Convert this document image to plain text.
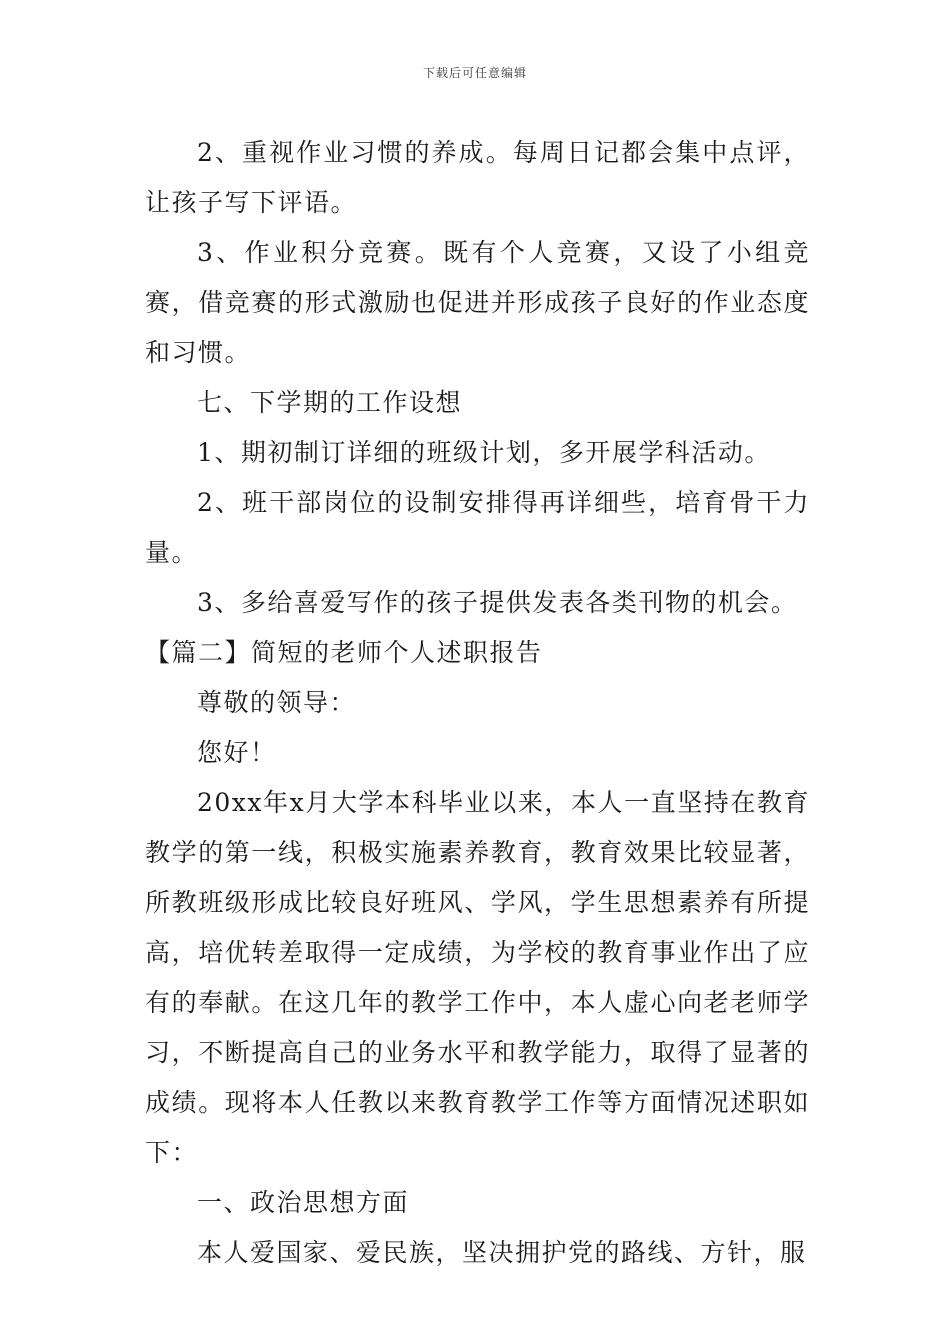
下载后可任意编辑

2、重视作业习惯的养成。每周日记都会集中点评，让孩子写下评语。

3、作业积分竞赛。既有个人竞赛，又设了小组竞赛，借竞赛的形式激励也促进并形成孩子良好的作业态度和习惯。

七、下学期的工作设想

1、期初制订详细的班级计划，多开展学科活动。

2、班干部岗位的设制安排得再详细些，培育骨干力量。

3、多给喜爱写作的孩子提供发表各类刊物的机会。

【篇二】简短的老师个人述职报告

尊敬的领导：

您好！

20xx年x月大学本科毕业以来，本人一直坚持在教育教学的第一线，积极实施素养教育，教育效果比较显著，所教班级形成比较良好班风、学风，学生思想素养有所提高，培优转差取得一定成绩，为学校的教育事业作出了应有的奉献。在这几年的教学工作中，本人虚心向老老师学习，不断提高自己的业务水平和教学能力，取得了显著的成绩。现将本人任教以来教育教学工作等方面情况述职如下：

一、政治思想方面

本人爱国家、爱民族，坚决拥护党的路线、方针，服
